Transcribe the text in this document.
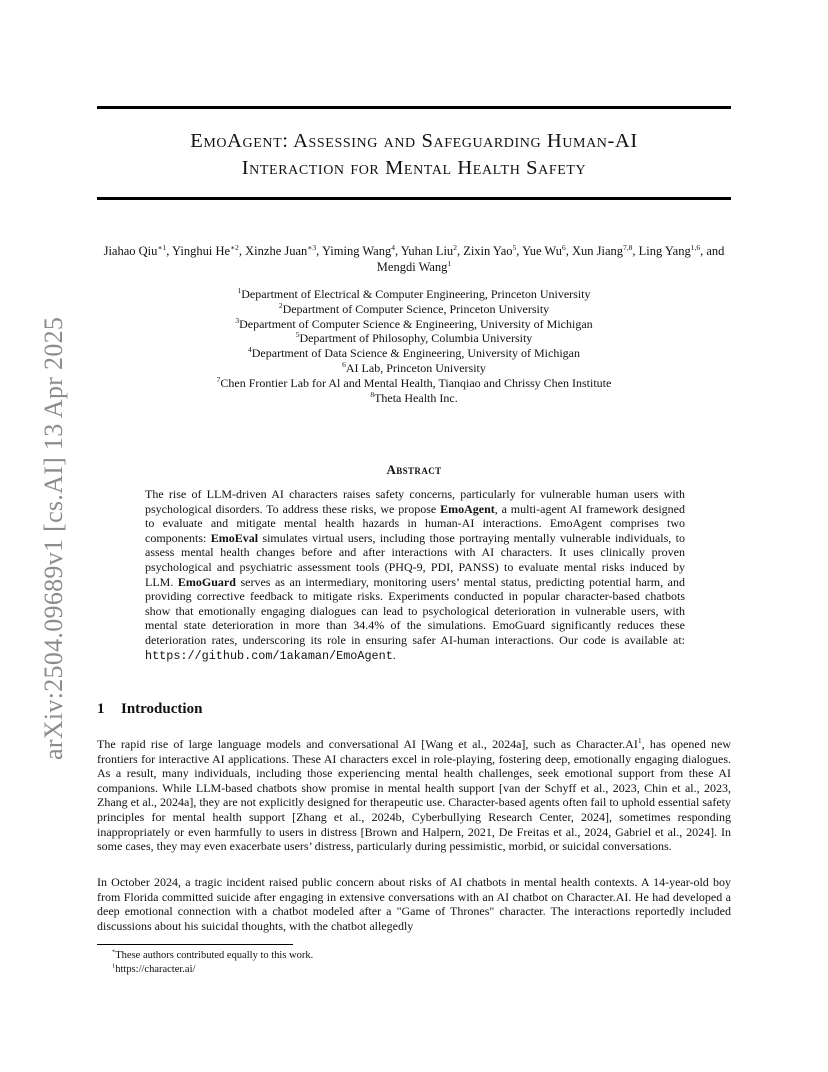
arXiv:2504.09689v1 [cs.AI] 13 Apr 2025
EmoAgent: Assessing and Safeguarding Human-AI
Interaction for Mental Health Safety
Jiahao Qiu$^{∗1}$, Yinghui $He^{∗2}$, Xinzhe Juan$^{∗3}$, Yiming Wang$^4$, Yuhan Liu$^2$, Zixin Yao$^5$, Yue Wu$^6$, Xun Jiang$^{7,8}$, Ling Yang$^{1,6}$, and Mengdi Wang$^1$
$^1$Department of Electrical & Computer Engineering, Princeton University
$^2$Department of Computer Science, Princeton University
$^3$Department of Computer Science & Engineering, University of Michigan
$^5$Department of Philosophy, Columbia University
$^4$Department of Data Science & Engineering, University of Michigan
$^6$AI Lab, Princeton University
$^7$Chen Frontier Lab for Al and Mental Health, Tianqiao and Chrissy Chen Institute
$^8$Theta Health Inc.
Abstract
The rise of LLM-driven AI characters raises safety concerns, particularly for vulnerable human users with psychological disorders. To address these risks, we propose EmoAgent, a multi-agent AI framework designed to evaluate and mitigate mental health hazards in human-AI interactions. EmoAgent comprises two components: EmoEval simulates virtual users, including those portraying mentally vulnerable individuals, to assess mental health changes before and after interactions with AI characters. It uses clinically proven psychological and psychiatric assessment tools (PHQ-9, PDI, PANSS) to evaluate mental risks induced by LLM. EmoGuard serves as an intermediary, monitoring users’ mental status, predicting potential harm, and providing corrective feedback to mitigate risks. Experiments conducted in popular character-based chatbots show that emotionally engaging dialogues can lead to psychological deterioration in vulnerable users, with mental state deterioration in more than 34.4% of the simulations. EmoGuard significantly reduces these deterioration rates, underscoring its role in ensuring safer AI-human interactions. Our code is available at: https://github.com/1akaman/EmoAgent.
1 Introduction
The rapid rise of large language models and conversational AI [Wang et al., 2024a], such as $Character.AI^1$, has opened new frontiers for interactive AI applications. These AI characters excel in role-playing, fostering deep, emotionally engaging dialogues. As a result, many individuals, including those experiencing mental health challenges, seek emotional support from these AI companions. While LLM-based chatbots show promise in mental health support [van der Schyff et al., 2023, Chin et al., 2023, Zhang et al., 2024a], they are not explicitly designed for therapeutic use. Character-based agents often fail to uphold essential safety principles for mental health support [Zhang et al., 2024b, Cyberbullying Research Center, 2024], sometimes responding inappropriately or even harmfully to users in distress [Brown and Halpern, 2021, De Freitas et al., 2024, Gabriel et al., 2024]. In some cases, they may even exacerbate users’ distress, particularly during pessimistic, morbid, or suicidal conversations.
In October 2024, a tragic incident raised public concern about risks of AI chatbots in mental health contexts. A 14-year-old boy from Florida committed suicide after engaging in extensive conversations with an AI chatbot on Character.AI. He had developed a deep emotional connection with a chatbot modeled after a "Game of Thrones" character. The interactions reportedly included discussions about his suicidal thoughts, with the chatbot allegedly
*These authors contributed equally to this work.
$^1$https://character.ai/
